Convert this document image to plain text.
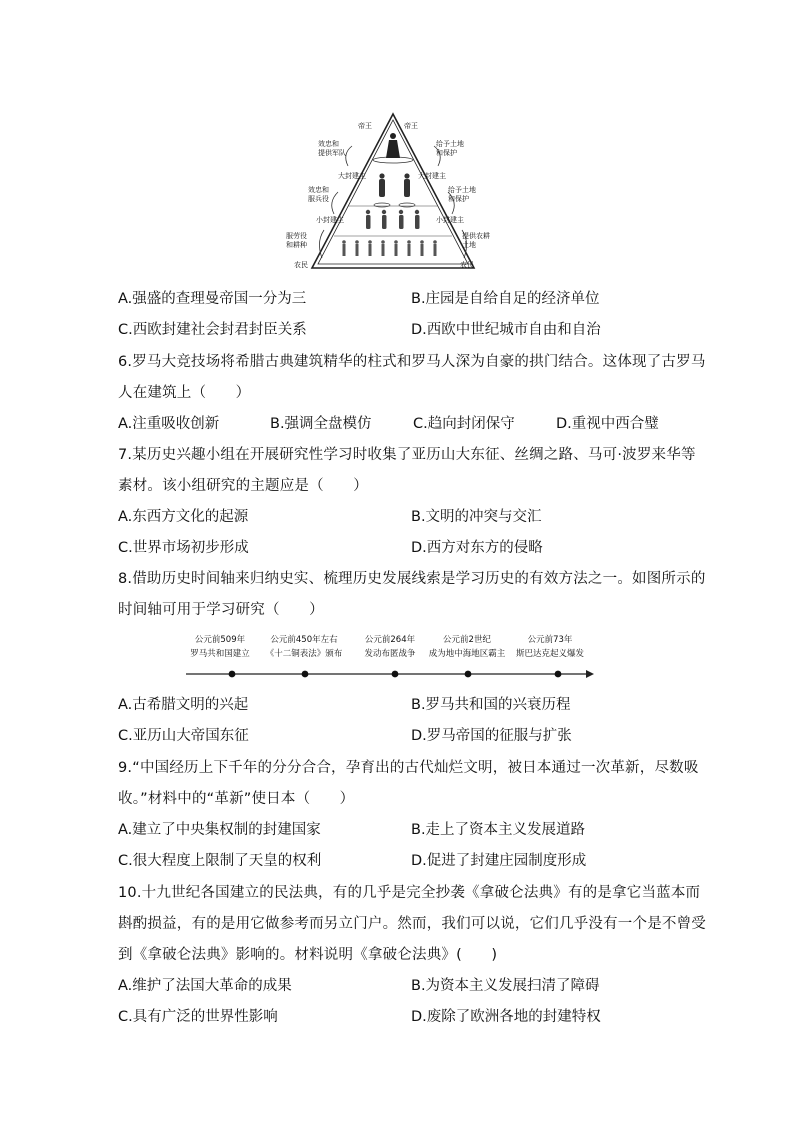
帝王	帝王
效忠和
提供军队
大封建主
效忠和
服兵役
小封建主
服劳役
和耕种
农民
给予土地
和保护
大封建主
给予土地
和保护
小封建主
提供农耕
土地
农民
A.强盛的查理曼帝国一分为三	B.庄园是自给自足的经济单位
C.西欧封建社会封君封臣关系	D.西欧中世纪城市自由和自治
6.罗马大竞技场将希腊古典建筑精华的柱式和罗马人深为自豪的拱门结合。这体现了古罗马
人在建筑上（　　）
A.注重吸收创新	B.强调全盘模仿	C.趋向封闭保守	D.重视中西合璧
7.某历史兴趣小组在开展研究性学习时收集了亚历山大东征、丝绸之路、马可·波罗来华等
素材。该小组研究的主题应是（　　）
A.东西方文化的起源	B.文明的冲突与交汇
C.世界市场初步形成	D.西方对东方的侵略
8.借助历史时间轴来归纳史实、梳理历史发展线索是学习历史的有效方法之一。如图所示的
时间轴可用于学习研究（　　）
公元前509年
罗马共和国建立
公元前450年左右
《十二铜表法》颁布
公元前264年
发动布匿战争
公元前2世纪
成为地中海地区霸主
公元前73年
斯巴达克起义爆发
A.古希腊文明的兴起	B.罗马共和国的兴衰历程
C.亚历山大帝国东征	D.罗马帝国的征服与扩张
9.“中国经历上下千年的分分合合，孕育出的古代灿烂文明，被日本通过一次革新，尽数吸
收。”材料中的“革新”使日本（　　）
A.建立了中央集权制的封建国家	B.走上了资本主义发展道路
C.很大程度上限制了天皇的权利	D.促进了封建庄园制度形成
10.十九世纪各国建立的民法典，有的几乎是完全抄袭《拿破仑法典》有的是拿它当蓝本而
斟酌损益，有的是用它做参考而另立门户。然而，我们可以说，它们几乎没有一个是不曾受
到《拿破仑法典》影响的。材料说明《拿破仑法典》(　　)
A.维护了法国大革命的成果	B.为资本主义发展扫清了障碍
C.具有广泛的世界性影响	D.废除了欧洲各地的封建特权
